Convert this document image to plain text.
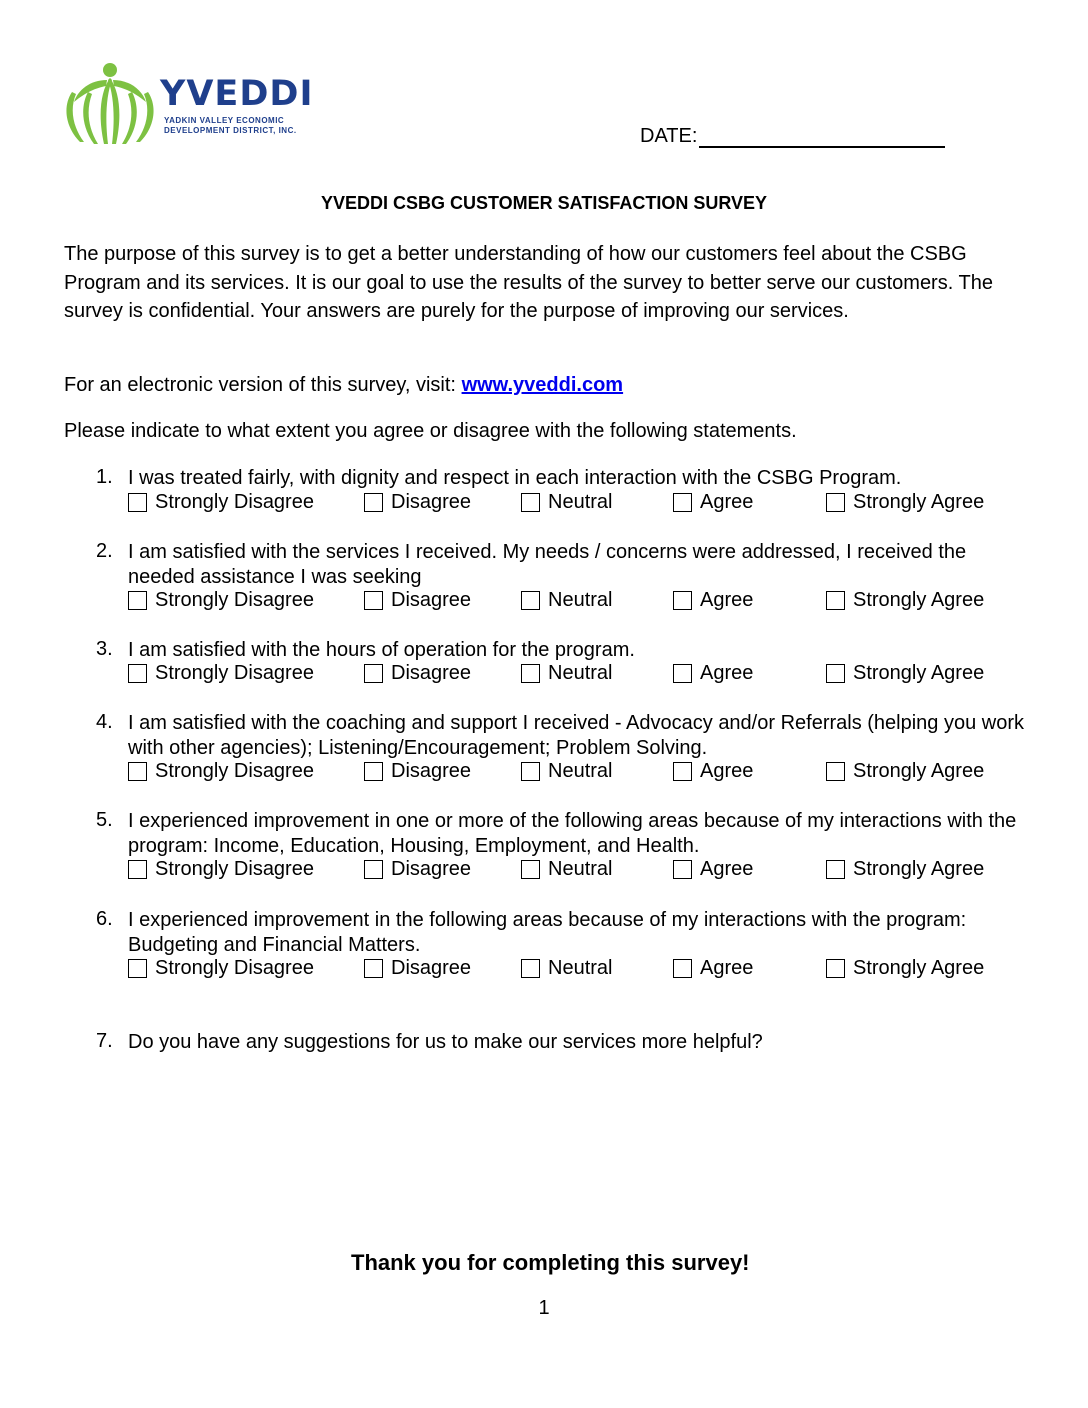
YVEDDI
YADKIN VALLEY ECONOMIC
DEVELOPMENT DISTRICT, INC.	DATE:
YVEDDI CSBG CUSTOMER SATISFACTION SURVEY
The purpose of this survey is to get a better understanding of how our customers feel about the CSBG Program and its services. It is our goal to use the results of the survey to better serve our customers. The survey is confidential. Your answers are purely for the purpose of improving our services.
For an electronic version of this survey, visit: www.yveddi.com
Please indicate to what extent you agree or disagree with the following statements.
1. I was treated fairly, with dignity and respect in each interaction with the CSBG Program.
Strongly Disagree	Disagree	Neutral	Agree	Strongly Agree
2. I am satisfied with the services I received. My needs / concerns were addressed, I received the needed assistance I was seeking
Strongly Disagree	Disagree	Neutral	Agree	Strongly Agree
3. I am satisfied with the hours of operation for the program.
Strongly Disagree	Disagree	Neutral	Agree	Strongly Agree
4. I am satisfied with the coaching and support I received - Advocacy and/or Referrals (helping you work with other agencies); Listening/Encouragement; Problem Solving.
Strongly Disagree	Disagree	Neutral	Agree	Strongly Agree
5. I experienced improvement in one or more of the following areas because of my interactions with the program: Income, Education, Housing, Employment, and Health.
Strongly Disagree	Disagree	Neutral	Agree	Strongly Agree
6. I experienced improvement in the following areas because of my interactions with the program: Budgeting and Financial Matters.
Strongly Disagree	Disagree	Neutral	Agree	Strongly Agree
7. Do you have any suggestions for us to make our services more helpful?
Thank you for completing this survey!
1
